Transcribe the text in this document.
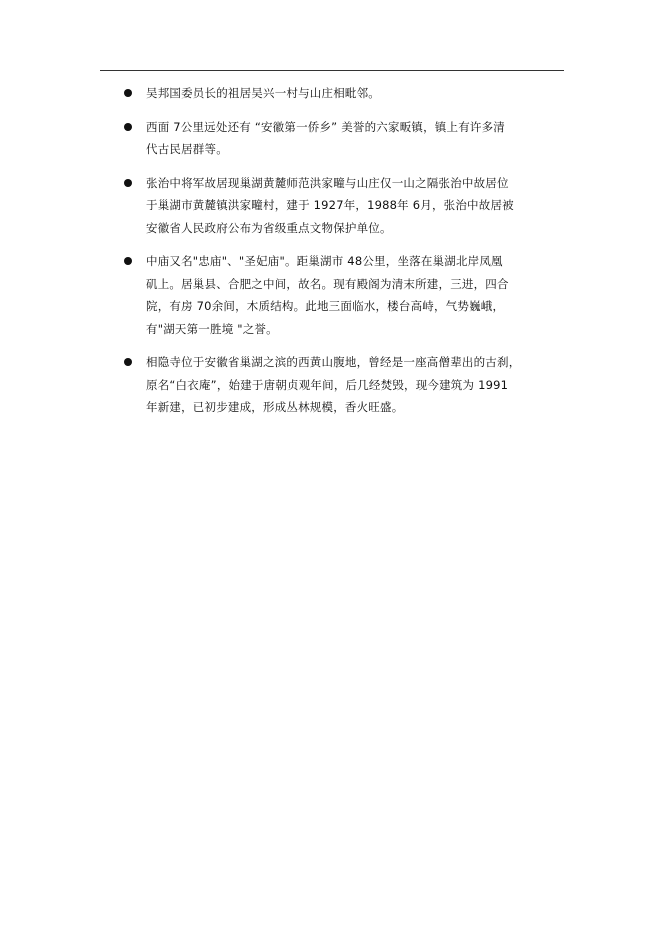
吴邦国委员长的祖居吴兴一村与山庄相毗邻。
西面 7公里远处还有 “安徽第一侨乡” 美誉的六家畈镇，镇上有许多清
代古民居群等。
张治中将军故居现巢湖黄麓师范洪家疃与山庄仅一山之隔张治中故居位
于巢湖市黄麓镇洪家疃村，建于 1927年，1988年 6月，张治中故居被
安徽省人民政府公布为省级重点文物保护单位。
中庙又名"忠庙"、"圣妃庙"。距巢湖市 48公里，坐落在巢湖北岸凤凰
矶上。居巢县、合肥之中间，故名。现有殿阁为清末所建，三进，四合
院，有房 70余间，木质结构。此地三面临水，楼台高峙，气势巍峨，
有"湖天第一胜境 "之誉。
相隐寺位于安徽省巢湖之滨的西黄山腹地，曾经是一座高僧辈出的古刹，
原名“白衣庵”，始建于唐朝贞观年间，后几经焚毁，现今建筑为 1991
年新建，已初步建成，形成丛林规模，香火旺盛。
